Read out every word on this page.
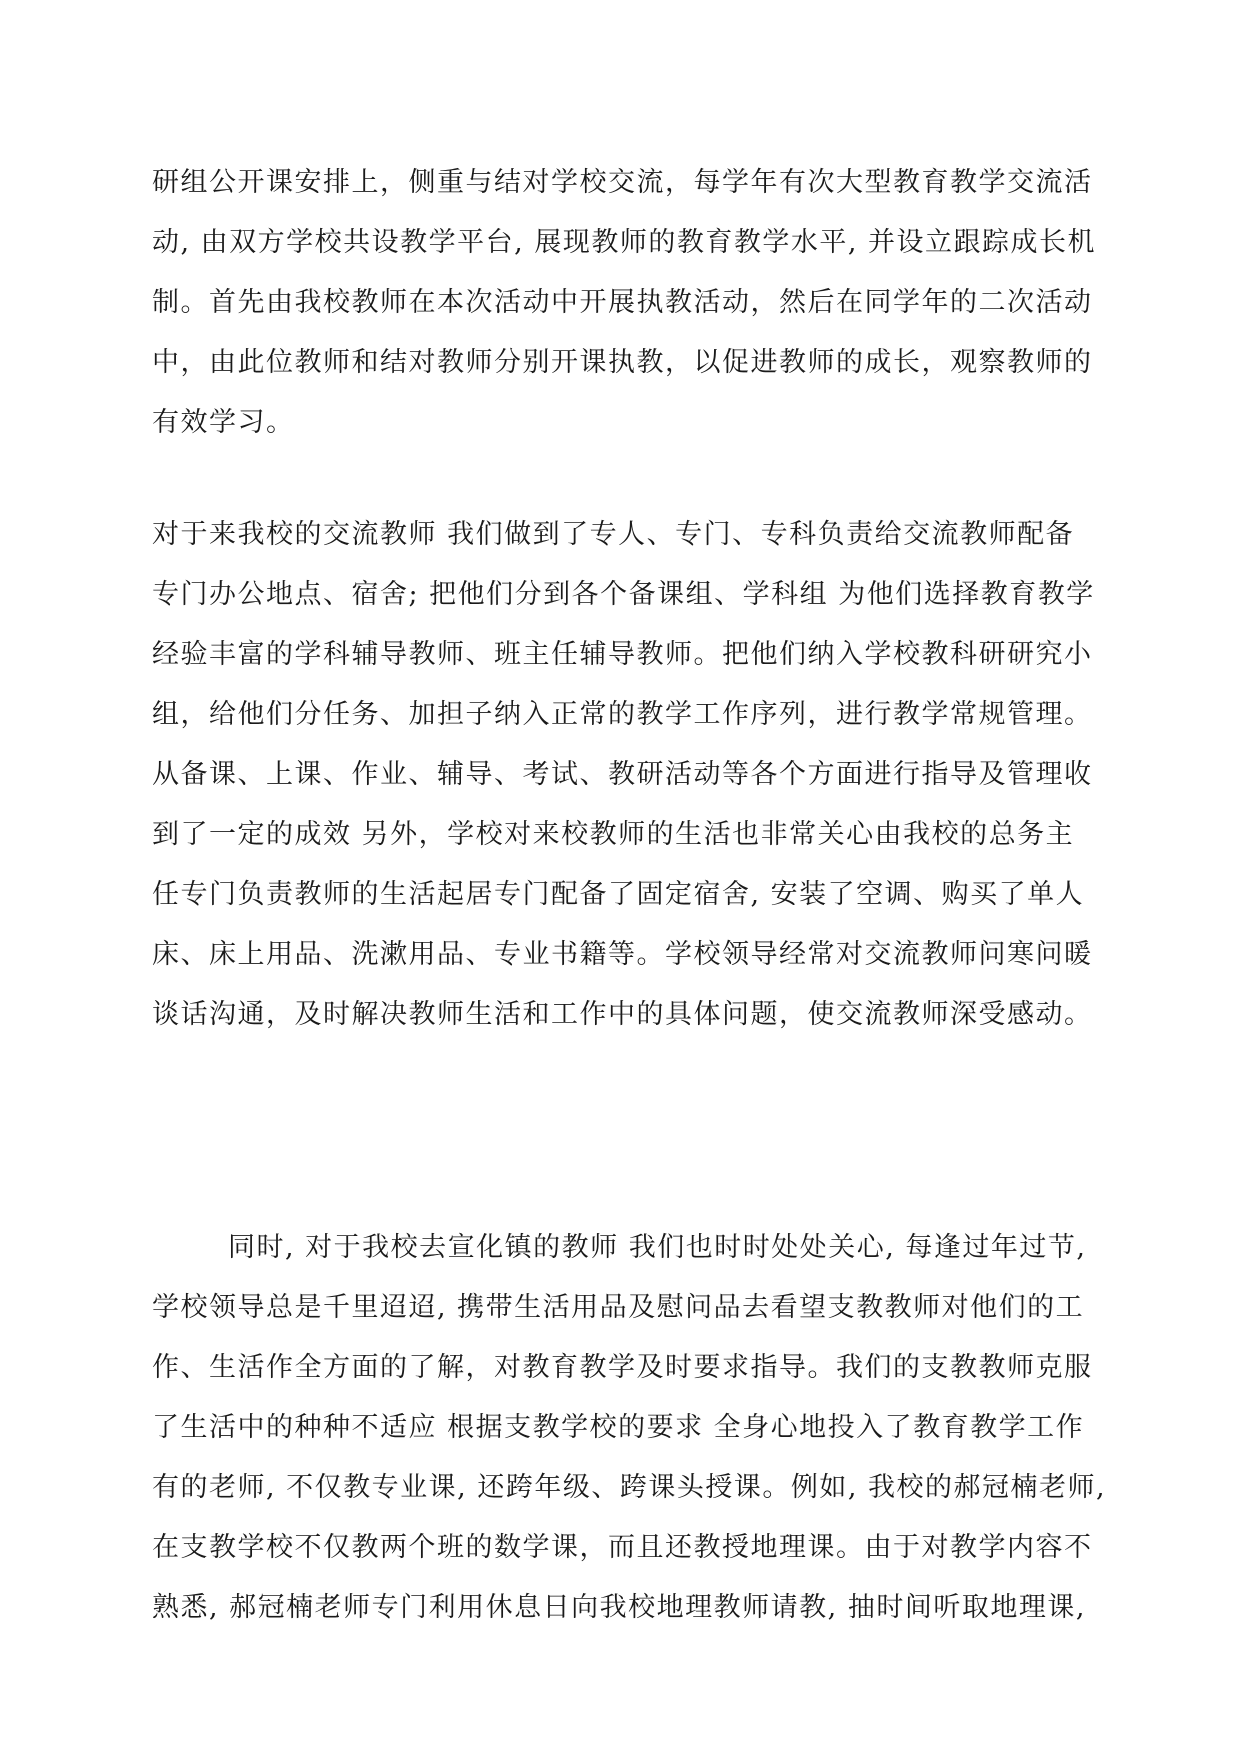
研组公开课安排上，侧重与结对学校交流，每学年有次大型教育教学交流活
动, 由双方学校共设教学平台, 展现教师的教育教学水平, 并设立跟踪成长机
制。首先由我校教师在本次活动中开展执教活动，然后在同学年的二次活动
中，由此位教师和结对教师分别开课执教，以促进教师的成长，观察教师的
有效学习。
对于来我校的交流教师 我们做到了专人、专门、专科负责给交流教师配备
专门办公地点、宿舍; 把他们分到各个备课组、学科组 为他们选择教育教学
经验丰富的学科辅导教师、班主任辅导教师。把他们纳入学校教科研研究小
组，给他们分任务、加担子纳入正常的教学工作序列，进行教学常规管理。
从备课、上课、作业、辅导、考试、教研活动等各个方面进行指导及管理收
到了一定的成效 另外，学校对来校教师的生活也非常关心由我校的总务主
任专门负责教师的生活起居专门配备了固定宿舍, 安装了空调、购买了单人
床、床上用品、洗漱用品、专业书籍等。学校领导经常对交流教师问寒问暖
谈话沟通，及时解决教师生活和工作中的具体问题，使交流教师深受感动。
同时, 对于我校去宣化镇的教师 我们也时时处处关心, 每逢过年过节,
学校领导总是千里迢迢, 携带生活用品及慰问品去看望支教教师对他们的工
作、生活作全方面的了解，对教育教学及时要求指导。我们的支教教师克服
了生活中的种种不适应 根据支教学校的要求 全身心地投入了教育教学工作
有的老师, 不仅教专业课, 还跨年级、跨课头授课。例如, 我校的郝冠楠老师,
在支教学校不仅教两个班的数学课，而且还教授地理课。由于对教学内容不
熟悉, 郝冠楠老师专门利用休息日向我校地理教师请教, 抽时间听取地理课,
